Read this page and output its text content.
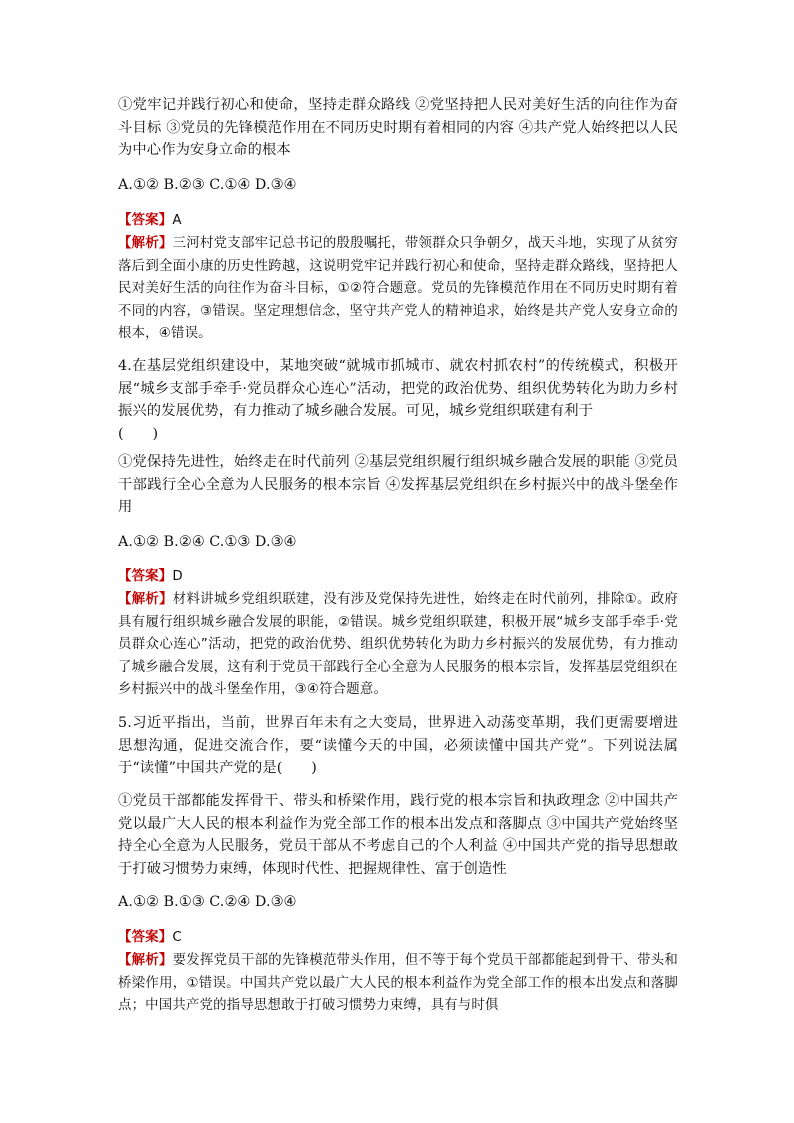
①党牢记并践行初心和使命，坚持走群众路线 ②党坚持把人民对美好生活的向往作为奋斗目标 ③党员的先锋模范作用在不同历史时期有着相同的内容 ④共产党人始终把以人民为中心作为安身立命的根本

A.①② B.②③ C.①④ D.③④

【答案】A
【解析】三河村党支部牢记总书记的殷殷嘱托，带领群众只争朝夕，战天斗地，实现了从贫穷落后到全面小康的历史性跨越，这说明党牢记并践行初心和使命，坚持走群众路线，坚持把人民对美好生活的向往作为奋斗目标，①②符合题意。党员的先锋模范作用在不同历史时期有着不同的内容，③错误。坚定理想信念，坚守共产党人的精神追求，始终是共产党人安身立命的根本，④错误。

4.在基层党组织建设中，某地突破“就城市抓城市、就农村抓农村”的传统模式，积极开展“城乡支部手牵手·党员群众心连心”活动，把党的政治优势、组织优势转化为助力乡村振兴的发展优势，有力推动了城乡融合发展。可见，城乡党组织联建有利于
(　　)

①党保持先进性，始终走在时代前列 ②基层党组织履行组织城乡融合发展的职能 ③党员干部践行全心全意为人民服务的根本宗旨 ④发挥基层党组织在乡村振兴中的战斗堡垒作用

A.①② B.②④ C.①③ D.③④

【答案】D
【解析】材料讲城乡党组织联建，没有涉及党保持先进性，始终走在时代前列，排除①。政府具有履行组织城乡融合发展的职能，②错误。城乡党组织联建，积极开展“城乡支部手牵手·党员群众心连心”活动，把党的政治优势、组织优势转化为助力乡村振兴的发展优势，有力推动了城乡融合发展，这有利于党员干部践行全心全意为人民服务的根本宗旨，发挥基层党组织在乡村振兴中的战斗堡垒作用，③④符合题意。

5.习近平指出，当前，世界百年未有之大变局，世界进入动荡变革期，我们更需要增进思想沟通，促进交流合作，要“读懂今天的中国，必须读懂中国共产党”。下列说法属于“读懂”中国共产党的是(　　)

①党员干部都能发挥骨干、带头和桥梁作用，践行党的根本宗旨和执政理念 ②中国共产党以最广大人民的根本利益作为党全部工作的根本出发点和落脚点 ③中国共产党始终坚持全心全意为人民服务，党员干部从不考虑自己的个人利益 ④中国共产党的指导思想敢于打破习惯势力束缚，体现时代性、把握规律性、富于创造性

A.①② B.①③ C.②④ D.③④

【答案】C
【解析】要发挥党员干部的先锋模范带头作用，但不等于每个党员干部都能起到骨干、带头和桥梁作用，①错误。中国共产党以最广大人民的根本利益作为党全部工作的根本出发点和落脚点；中国共产党的指导思想敢于打破习惯势力束缚，具有与时俱
